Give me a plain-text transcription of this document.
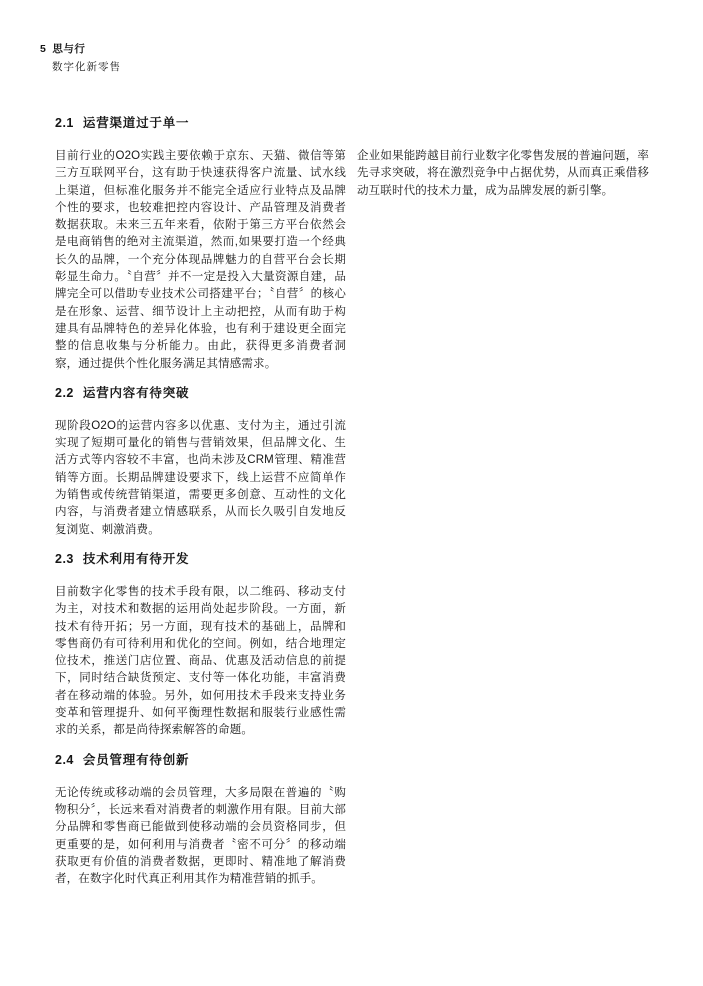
5 思与行
数字化新零售
2.1 运营渠道过于单一
目前行业的O2O实践主要依赖于京东、天猫、微信等第三方互联网平台，这有助于快速获得客户流量、试水线上渠道，但标准化服务并不能完全适应行业特点及品牌个性的要求，也较难把控内容设计、产品管理及消费者数据获取。未来三五年来看，依附于第三方平台依然会是电商销售的绝对主流渠道，然而,如果要打造一个经典长久的品牌，一个充分体现品牌魅力的自营平台会长期彰显生命力。〝自营〞并不一定是投入大量资源自建，品牌完全可以借助专业技术公司搭建平台；〝自营〞的核心是在形象、运营、细节设计上主动把控，从而有助于构建具有品牌特色的差异化体验，也有利于建设更全面完整的信息收集与分析能力。由此，获得更多消费者洞察，通过提供个性化服务满足其情感需求。
2.2 运营内容有待突破
现阶段O2O的运营内容多以优惠、支付为主，通过引流实现了短期可量化的销售与营销效果，但品牌文化、生活方式等内容较不丰富，也尚未涉及CRM管理、精准营销等方面。长期品牌建设要求下，线上运营不应简单作为销售或传统营销渠道，需要更多创意、互动性的文化内容，与消费者建立情感联系，从而长久吸引自发地反复浏览、刺激消费。
2.3 技术利用有待开发
目前数字化零售的技术手段有限，以二维码、移动支付为主，对技术和数据的运用尚处起步阶段。一方面，新技术有待开拓；另一方面，现有技术的基础上，品牌和零售商仍有可待利用和优化的空间。例如，结合地理定位技术，推送门店位置、商品、优惠及活动信息的前提下，同时结合缺货预定、支付等一体化功能，丰富消费者在移动端的体验。另外，如何用技术手段来支持业务变革和管理提升、如何平衡理性数据和服装行业感性需求的关系，都是尚待探索解答的命题。
2.4 会员管理有待创新
无论传统或移动端的会员管理，大多局限在普遍的〝购物积分〞，长远来看对消费者的刺激作用有限。目前大部分品牌和零售商已能做到使移动端的会员资格同步，但更重要的是，如何利用与消费者〝密不可分〞的移动端获取更有价值的消费者数据，更即时、精准地了解消费者，在数字化时代真正利用其作为精准营销的抓手。
企业如果能跨越目前行业数字化零售发展的普遍问题，率先寻求突破，将在激烈竞争中占据优势，从而真正乘借移动互联时代的技术力量，成为品牌发展的新引擎。
